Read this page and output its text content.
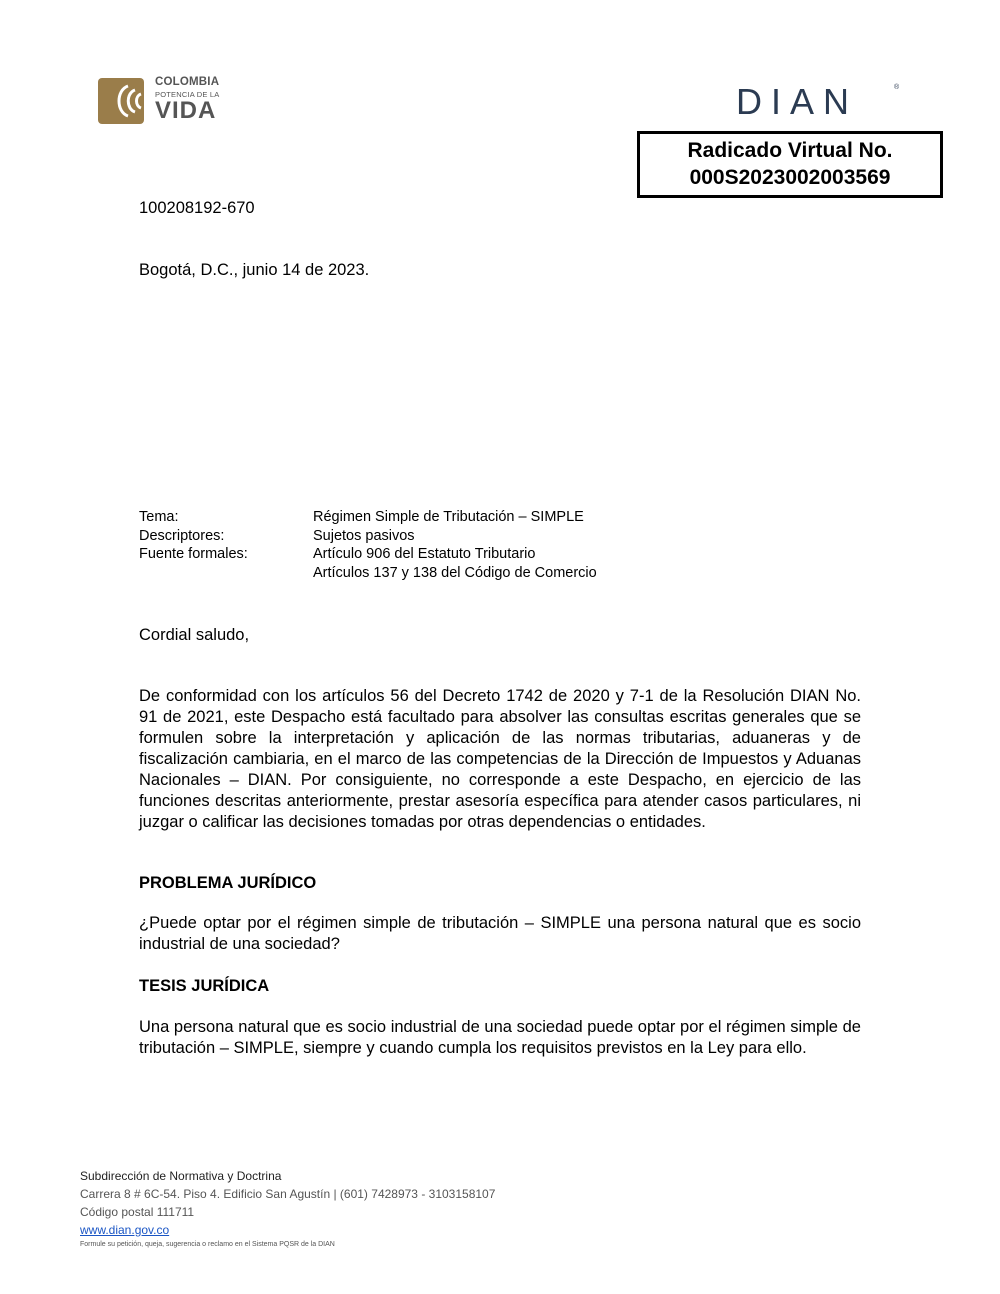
COLOMBIA
POTENCIA DE LA
VIDA	DIAN	®
Radicado Virtual No.
000S2023002003569
100208192-670
Bogotá, D.C., junio 14 de 2023.
Tema:	Régimen Simple de Tributación – SIMPLE
Descriptores:	Sujetos pasivos
Fuente formales:	Artículo 906 del Estatuto Tributario
Artículos 137 y 138 del Código de Comercio
Cordial saludo,
De conformidad con los artículos 56 del Decreto 1742 de 2020 y 7-1 de la Resolución DIAN No. 91 de 2021, este Despacho está facultado para absolver las consultas escritas generales que se formulen sobre la interpretación y aplicación de las normas tributarias, aduaneras y de fiscalización cambiaria, en el marco de las competencias de la Dirección de Impuestos y Aduanas Nacionales – DIAN. Por consiguiente, no corresponde a este Despacho, en ejercicio de las funciones descritas anteriormente, prestar asesoría específica para atender casos particulares, ni juzgar o calificar las decisiones tomadas por otras dependencias o entidades.
PROBLEMA JURÍDICO
¿Puede optar por el régimen simple de tributación – SIMPLE una persona natural que es socio industrial de una sociedad?
TESIS JURÍDICA
Una persona natural que es socio industrial de una sociedad puede optar por el régimen simple de tributación – SIMPLE, siempre y cuando cumpla los requisitos previstos en la Ley para ello.
Subdirección de Normativa y Doctrina
Carrera 8 # 6C-54. Piso 4. Edificio San Agustín | (601) 7428973 - 3103158107
Código postal 111711
www.dian.gov.co
Formule su petición, queja, sugerencia o reclamo en el Sistema PQSR de la DIAN
